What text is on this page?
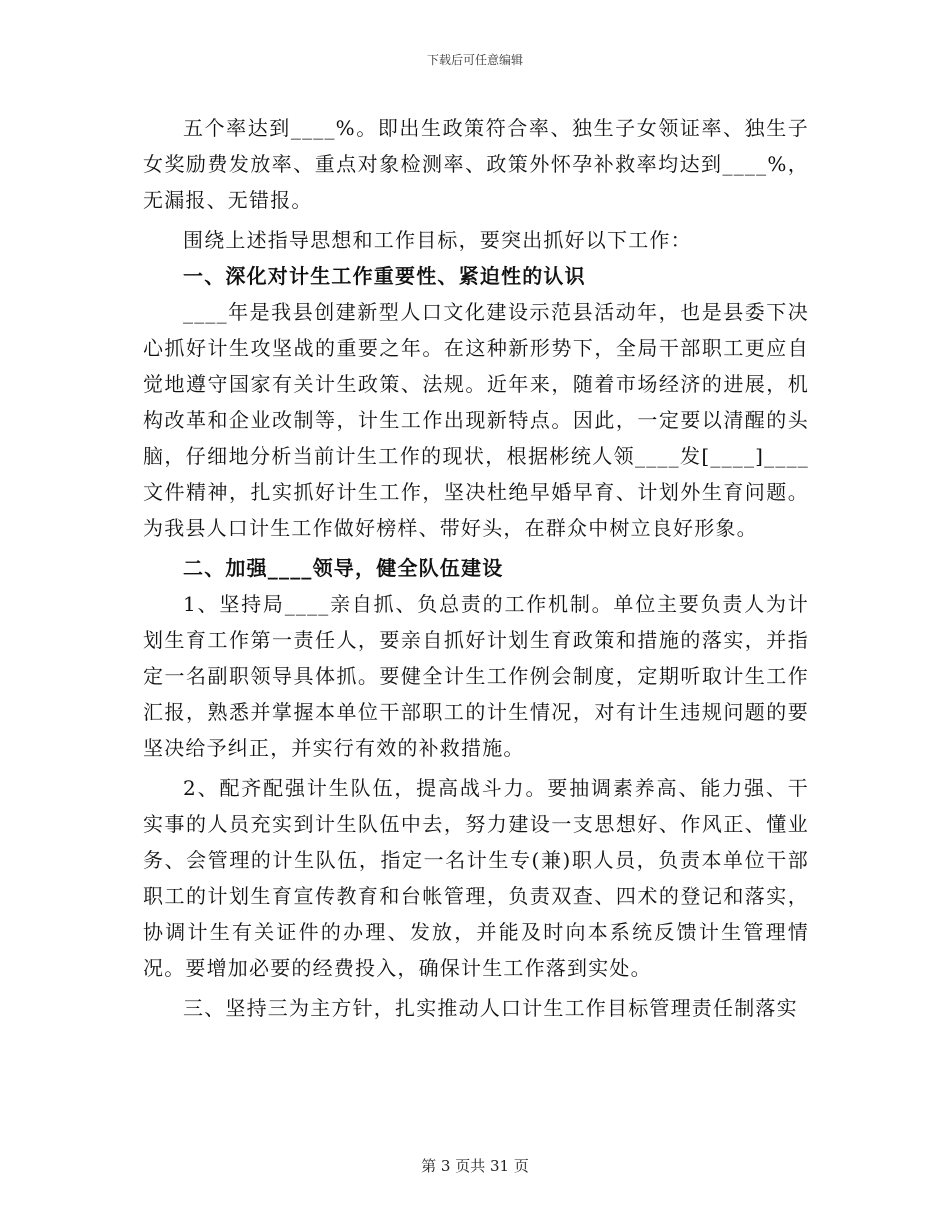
下载后可任意编辑

五个率达到____%。即出生政策符合率、独生子女领证率、独生子女奖励费发放率、重点对象检测率、政策外怀孕补救率均达到____%，无漏报、无错报。

围绕上述指导思想和工作目标，要突出抓好以下工作：

一、深化对计生工作重要性、紧迫性的认识

____年是我县创建新型人口文化建设示范县活动年，也是县委下决心抓好计生攻坚战的重要之年。在这种新形势下，全局干部职工更应自觉地遵守国家有关计生政策、法规。近年来，随着市场经济的进展，机构改革和企业改制等，计生工作出现新特点。因此，一定要以清醒的头脑，仔细地分析当前计生工作的现状，根据彬统人领____发[____]____文件精神，扎实抓好计生工作，坚决杜绝早婚早育、计划外生育问题。为我县人口计生工作做好榜样、带好头，在群众中树立良好形象。

二、加强____领导，健全队伍建设

1、坚持局____亲自抓、负总责的工作机制。单位主要负责人为计划生育工作第一责任人，要亲自抓好计划生育政策和措施的落实，并指定一名副职领导具体抓。要健全计生工作例会制度，定期听取计生工作汇报，熟悉并掌握本单位干部职工的计生情况，对有计生违规问题的要坚决给予纠正，并实行有效的补救措施。

2、配齐配强计生队伍，提高战斗力。要抽调素养高、能力强、干实事的人员充实到计生队伍中去，努力建设一支思想好、作风正、懂业务、会管理的计生队伍，指定一名计生专(兼)职人员，负责本单位干部职工的计划生育宣传教育和台帐管理，负责双查、四术的登记和落实，协调计生有关证件的办理、发放，并能及时向本系统反馈计生管理情况。要增加必要的经费投入，确保计生工作落到实处。

三、坚持三为主方针，扎实推动人口计生工作目标管理责任制落实

第 3 页共 31 页
